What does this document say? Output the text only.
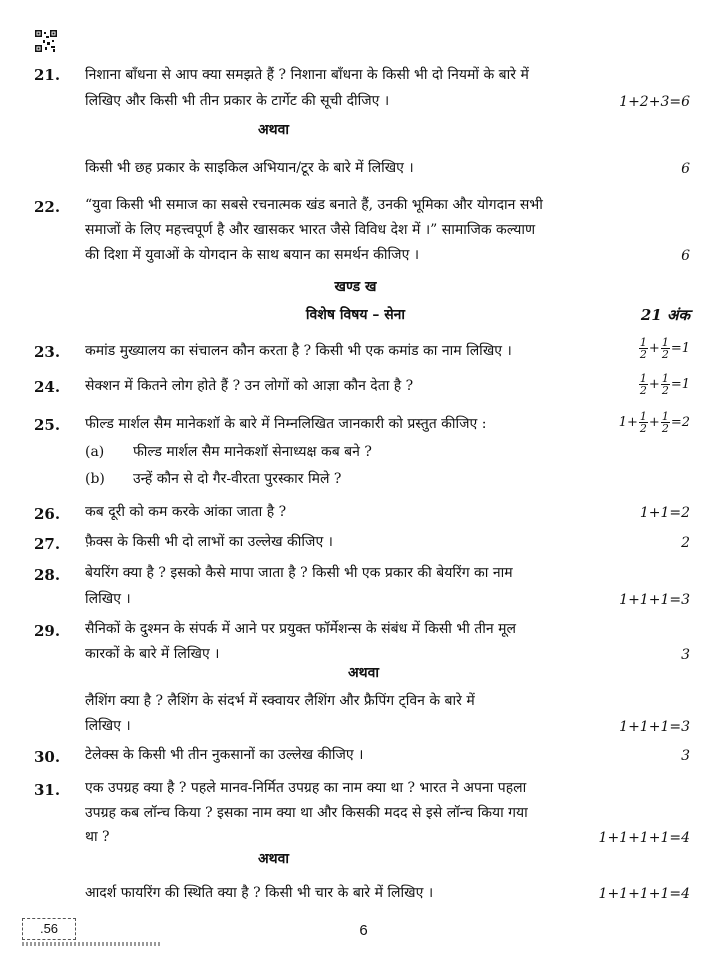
21. निशाना बाँधना से आप क्या समझते हैं ? निशाना बाँधना के किसी भी दो नियमों के बारे में
लिखिए और किसी भी तीन प्रकार के टार्गेट की सूची दीजिए ।	1+2+3=6
अथवा
किसी भी छह प्रकार के साइकिल अभियान/टूर के बारे में लिखिए ।	6
22. “युवा किसी भी समाज का सबसे रचनात्मक खंड बनाते हैं, उनकी भूमिका और योगदान सभी
समाजों के लिए महत्त्वपूर्ण है और खासकर भारत जैसे विविध देश में ।” सामाजिक कल्याण
की दिशा में युवाओं के योगदान के साथ बयान का समर्थन कीजिए ।	6
खण्ड ख
विशेष विषय – सेना	21 अंक
23. कमांड मुख्यालय का संचालन कौन करता है ? किसी भी एक कमांड का नाम लिखिए ।	$\frac{1}{2} + \frac{1}{2} =1$
24. सेक्शन में कितने लोग होते हैं ? उन लोगों को आज्ञा कौन देता है ?	$\frac{1}{2} + \frac{1}{2} =1$
25. फील्ड मार्शल सैम मानेकशॉ के बारे में निम्नलिखित जानकारी को प्रस्तुत कीजिए :	$1+ \frac{1}{2} + \frac{1}{2} =2$
(a) फील्ड मार्शल सैम मानेकशॉ सेनाध्यक्ष कब बने ?
(b) उन्हें कौन से दो गैर-वीरता पुरस्कार मिले ?
26. कब दूरी को कम करके आंका जाता है ?	1+1=2
27. फ़ैक्स के किसी भी दो लाभों का उल्लेख कीजिए ।	2
28. बेयरिंग क्या है ? इसको कैसे मापा जाता है ? किसी भी एक प्रकार की बेयरिंग का नाम
लिखिए ।	1+1+1=3
29. सैनिकों के दुश्मन के संपर्क में आने पर प्रयुक्त फॉर्मेशन्स के संबंध में किसी भी तीन मूल
कारकों के बारे में लिखिए ।	3
अथवा
लैशिंग क्या है ? लैशिंग के संदर्भ में स्क्वायर लैशिंग और फ्रैपिंग ट्विन के बारे में
लिखिए ।	1+1+1=3
30. टेलेक्स के किसी भी तीन नुकसानों का उल्लेख कीजिए ।	3
31. एक उपग्रह क्या है ? पहले मानव-निर्मित उपग्रह का नाम क्या था ? भारत ने अपना पहला
उपग्रह कब लॉन्च किया ? इसका नाम क्या था और किसकी मदद से इसे लॉन्च किया गया
था ?	1+1+1+1=4
अथवा
आदर्श फायरिंग की स्थिति क्या है ? किसी भी चार के बारे में लिखिए ।	1+1+1+1=4
.56	6
